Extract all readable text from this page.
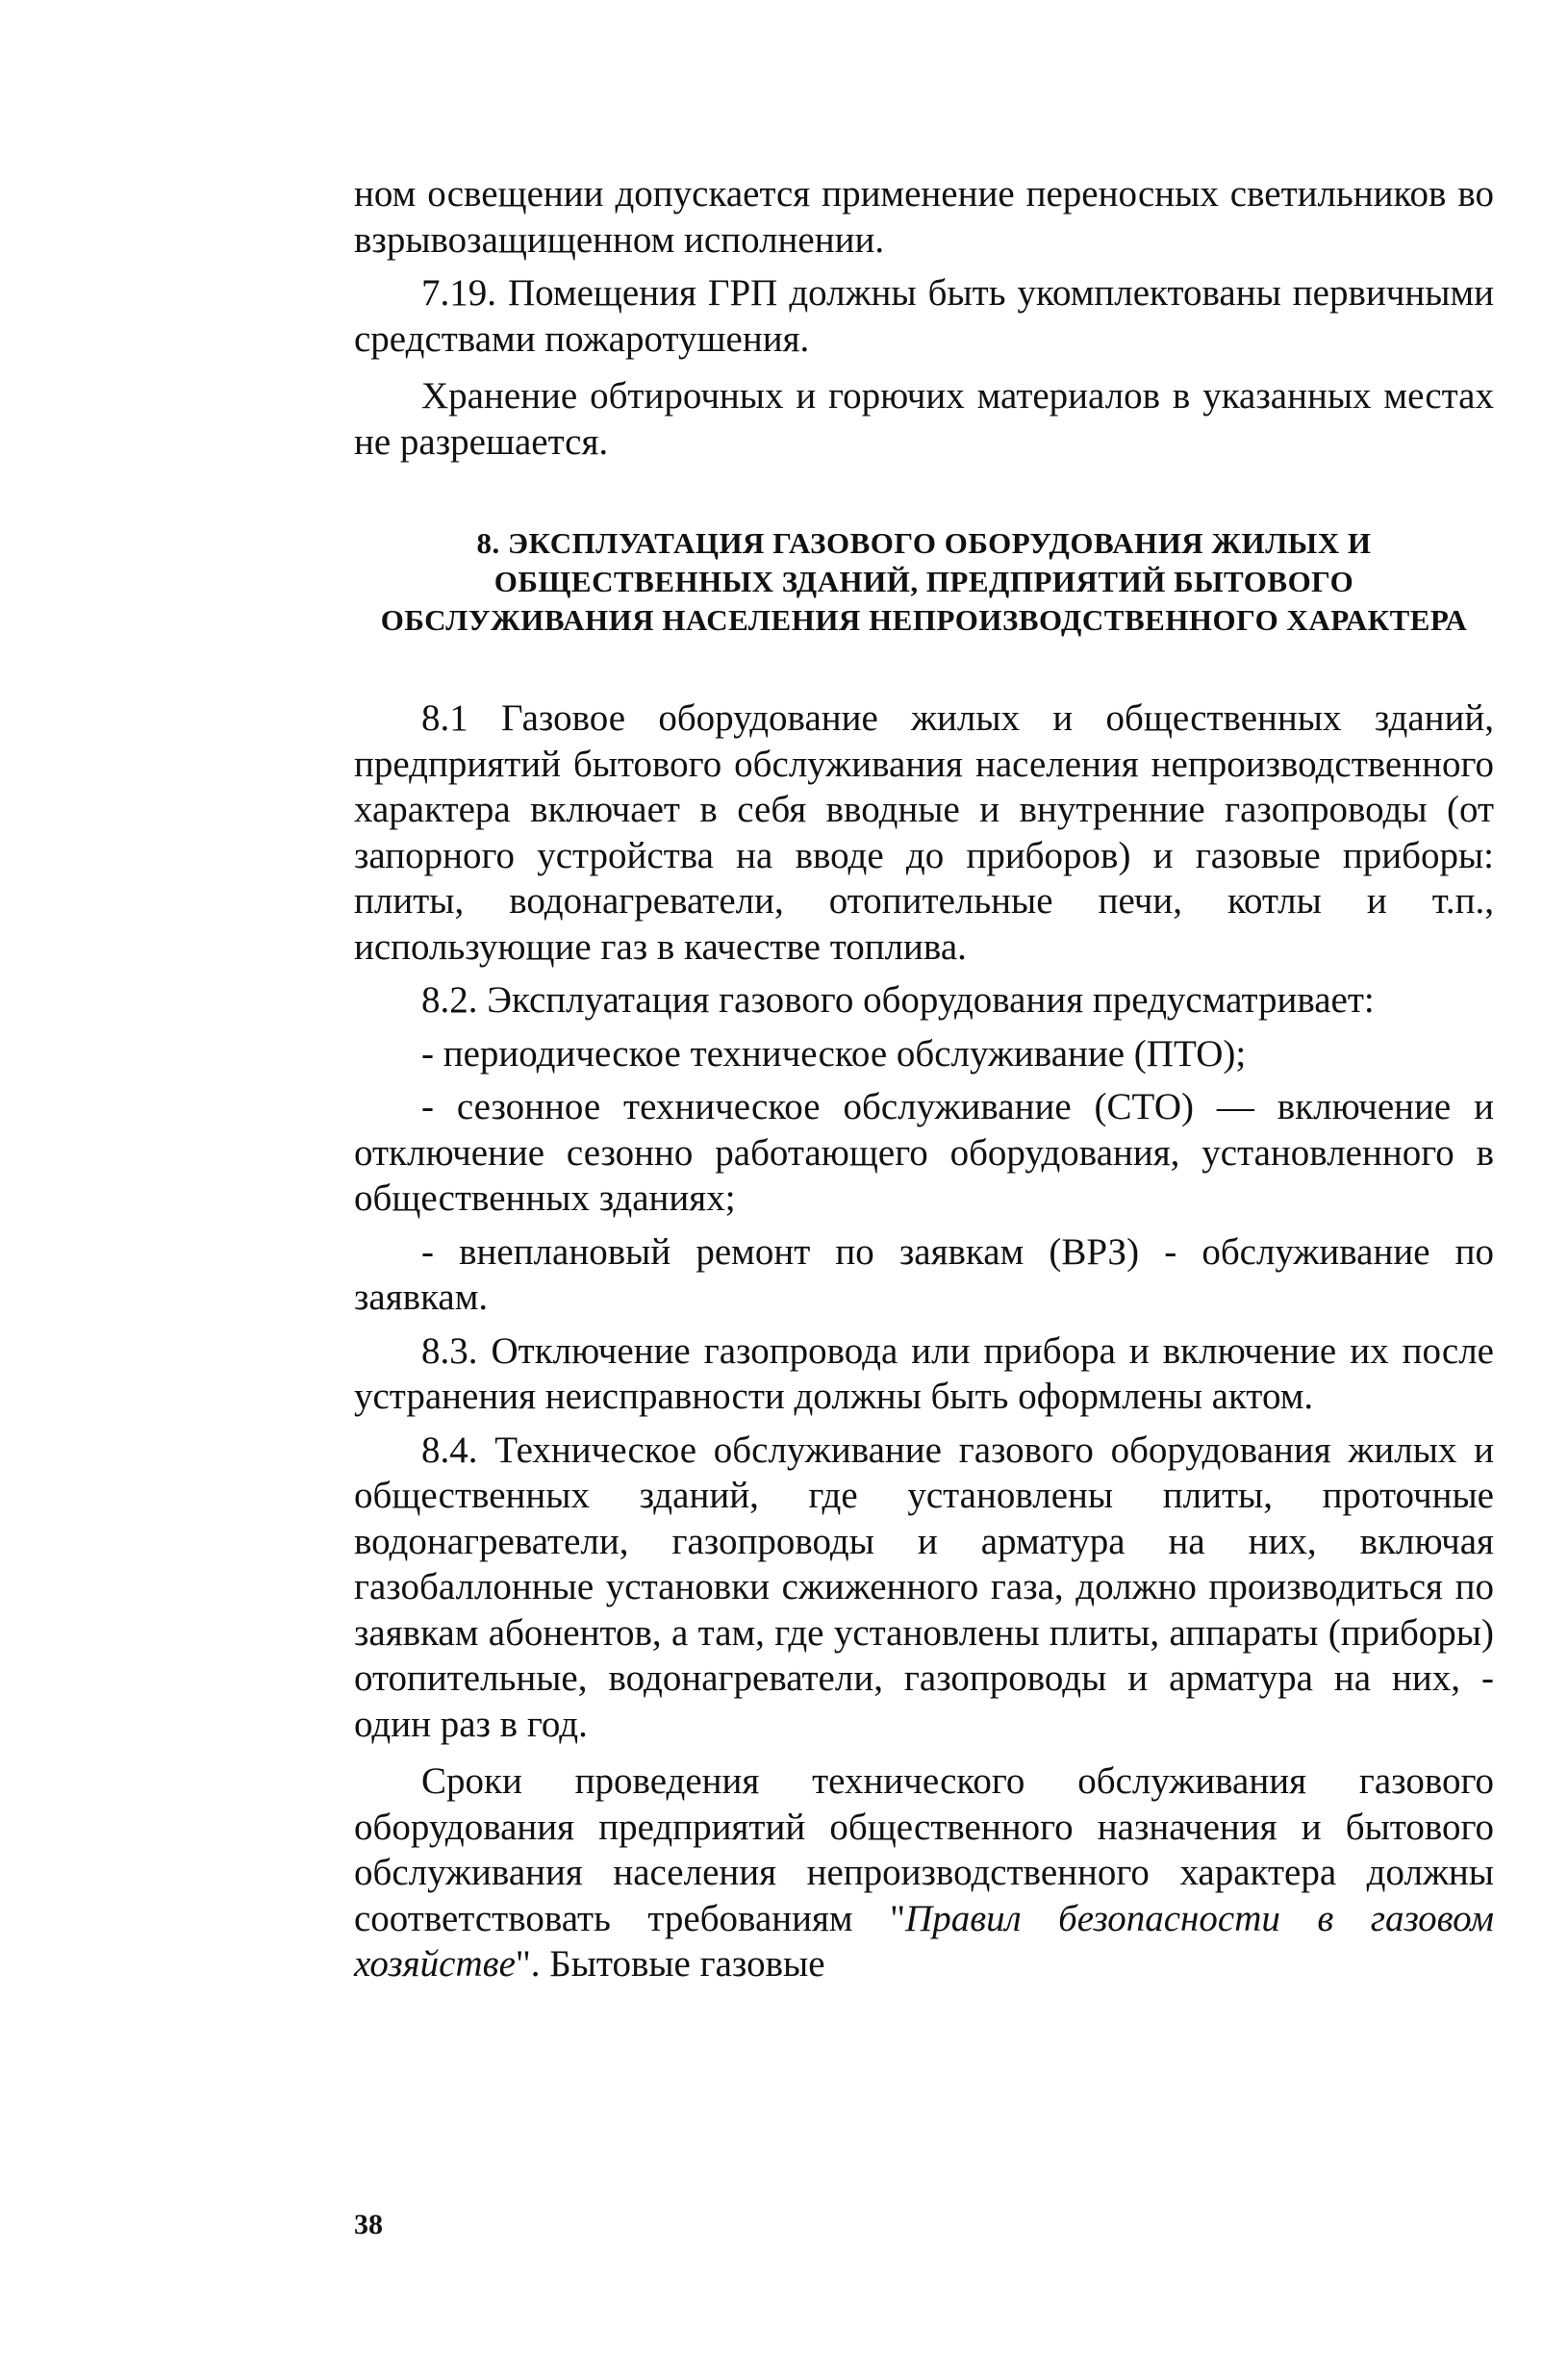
ном освещении допускается применение переносных светильников во взрывозащищенном исполнении.

7.19. Помещения ГРП должны быть укомплектованы первичными средствами пожаротушения.

Хранение обтирочных и горючих материалов в указанных местах не разрешается.

8. ЭКСПЛУАТАЦИЯ ГАЗОВОГО ОБОРУДОВАНИЯ ЖИЛЫХ И ОБЩЕСТВЕННЫХ ЗДАНИЙ, ПРЕДПРИЯТИЙ БЫТОВОГО ОБСЛУЖИВАНИЯ НАСЕЛЕНИЯ НЕПРОИЗВОДСТВЕННОГО ХАРАКТЕРА

8.1 Газовое оборудование жилых и общественных зданий, предприятий бытового обслуживания населения непроизводственного характера включает в себя вводные и внутренние газопроводы (от запорного устройства на вводе до приборов) и газовые приборы: плиты, водонагреватели, отопительные печи, котлы и т.п., использующие газ в качестве топлива.

8.2. Эксплуатация газового оборудования предусматривает:

- периодическое техническое обслуживание (ПТО);

- сезонное техническое обслуживание (СТО) — включение и отключение сезонно работающего оборудования, установленного в общественных зданиях;

- внеплановый ремонт по заявкам (ВРЗ) - обслуживание по заявкам.

8.3. Отключение газопровода или прибора и включение их после устранения неисправности должны быть оформлены актом.

8.4. Техническое обслуживание газового оборудования жилых и общественных зданий, где установлены плиты, проточные водонагреватели, газопроводы и арматура на них, включая газобаллонные установки сжиженного газа, должно производиться по заявкам абонентов, а там, где установлены плиты, аппараты (приборы) отопительные, водонагреватели, газопроводы и арматура на них, - один раз в год.

Сроки проведения технического обслуживания газового оборудования предприятий общественного назначения и бытового обслуживания населения непроизводственного характера должны соответствовать требованиям "Правил безопасности в газовом хозяйстве". Бытовые газовые

38
